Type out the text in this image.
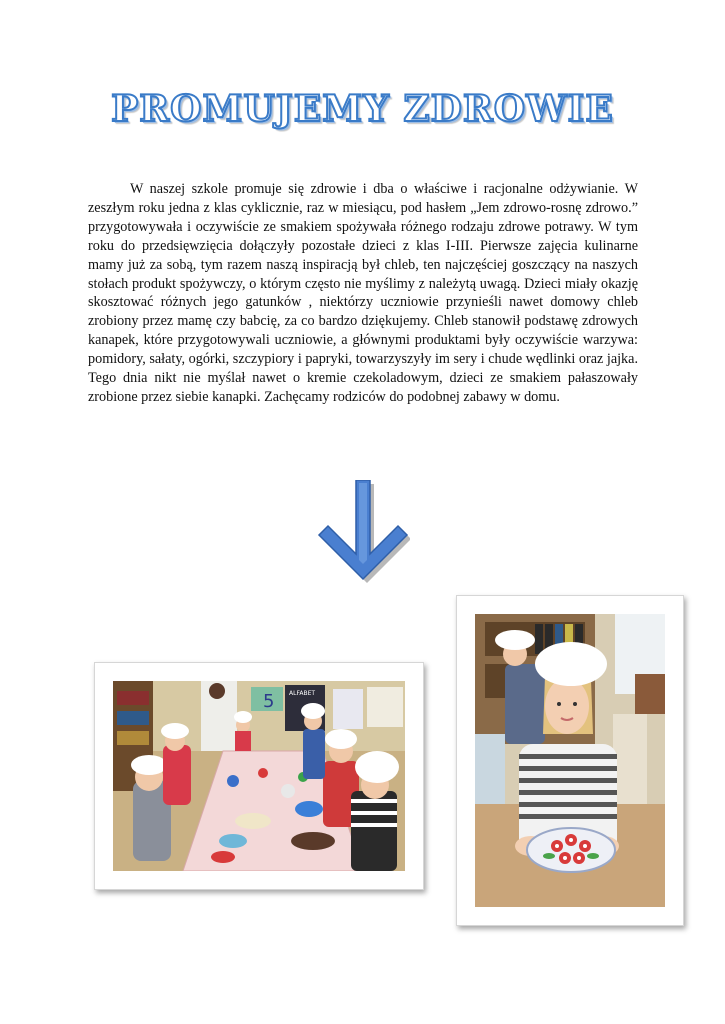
PROMUJEMY ZDROWIE

W naszej szkole promuje się zdrowie i dba o właściwe i racjonalne odżywianie. W zeszłym roku jedna z klas cyklicznie, raz w miesiącu, pod hasłem „Jem zdrowo-rosnę zdrowo.” przygotowywała i oczywiście ze smakiem spożywała różnego rodzaju zdrowe potrawy. W tym roku do przedsięwzięcia dołączyły pozostałe dzieci z klas I-III. Pierwsze zajęcia kulinarne mamy już za sobą, tym razem naszą inspiracją był chleb, ten najczęściej goszczący na naszych stołach produkt spożywczy, o którym często nie myślimy z należytą uwagą. Dzieci miały okazję skosztować różnych jego gatunków , niektórzy uczniowie przynieśli nawet domowy chleb zrobiony przez mamę czy babcię, za co bardzo dziękujemy. Chleb stanowił podstawę zdrowych kanapek, które przygotowywali uczniowie, a głównymi produktami były oczywiście warzywa: pomidory, sałaty, ogórki, szczypiory i papryki, towarzyszyły im sery i chude wędlinki oraz jajka. Tego dnia nikt nie myślał nawet o kremie czekoladowym, dzieci ze smakiem pałaszowały zrobione przez siebie kanapki. Zachęcamy rodziców do podobnej zabawy w domu.

5 ALFABET
